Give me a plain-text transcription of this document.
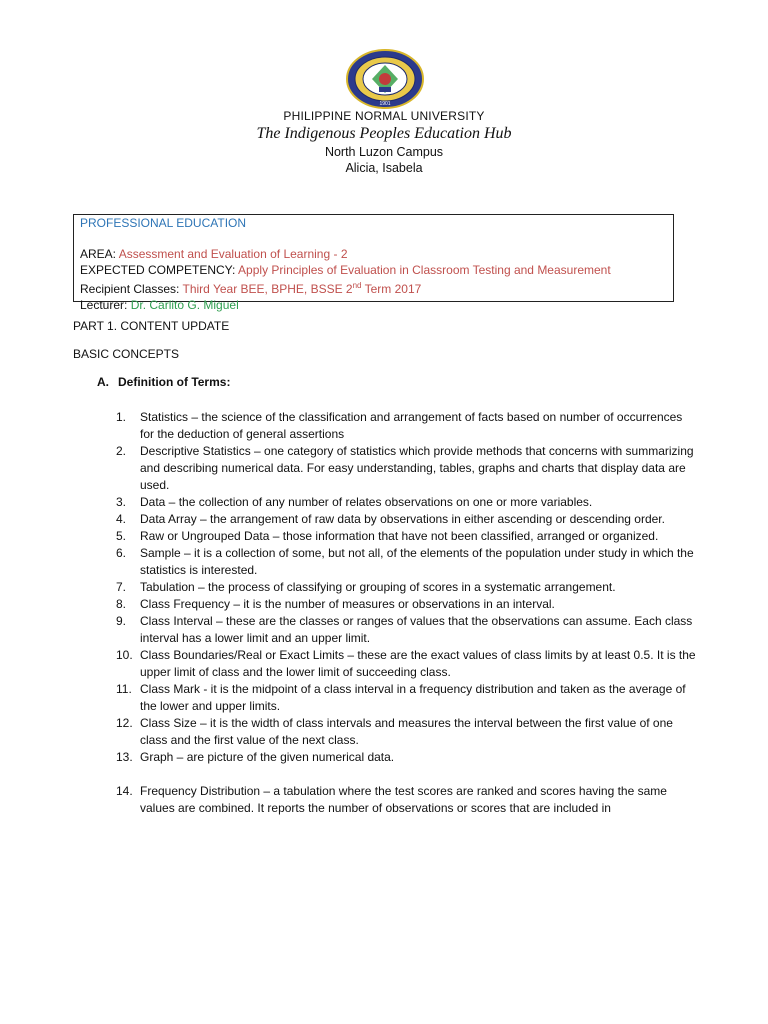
1901
PHILIPPINE NORMAL UNIVERSITY
The Indigenous Peoples Education Hub
North Luzon Campus
Alicia, Isabela
PROFESSIONAL EDUCATION
AREA: Assessment and Evaluation of Learning - 2
EXPECTED COMPETENCY: Apply Principles of Evaluation in Classroom Testing and Measurement
Recipient Classes: Third Year BEE, BPHE, BSSE 2nd Term 2017
Lecturer: Dr. Carlito G. Miguel
PART 1. CONTENT UPDATE
BASIC CONCEPTS
A. Definition of Terms:
1. Statistics – the science of the classification and arrangement of facts based on number of occurrences for the deduction of general assertions
2. Descriptive Statistics – one category of statistics which provide methods that concerns with summarizing and describing numerical data. For easy understanding, tables, graphs and charts that display data are used.
3. Data – the collection of any number of relates observations on one or more variables.
4. Data Array – the arrangement of raw data by observations in either ascending or descending order.
5. Raw or Ungrouped Data – those information that have not been classified, arranged or organized.
6. Sample – it is a collection of some, but not all, of the elements of the population under study in which the statistics is interested.
7. Tabulation – the process of classifying or grouping of scores in a systematic arrangement.
8. Class Frequency – it is the number of measures or observations in an interval.
9. Class Interval – these are the classes or ranges of values that the observations can assume. Each class interval has a lower limit and an upper limit.
10. Class Boundaries/Real or Exact Limits – these are the exact values of class limits by at least 0.5. It is the upper limit of class and the lower limit of succeeding class.
11. Class Mark - it is the midpoint of a class interval in a frequency distribution and taken as the average of the lower and upper limits.
12. Class Size – it is the width of class intervals and measures the interval between the first value of one class and the first value of the next class.
13. Graph – are picture of the given numerical data.
14. Frequency Distribution – a tabulation where the test scores are ranked and scores having the same values are combined. It reports the number of observations or scores that are included in
